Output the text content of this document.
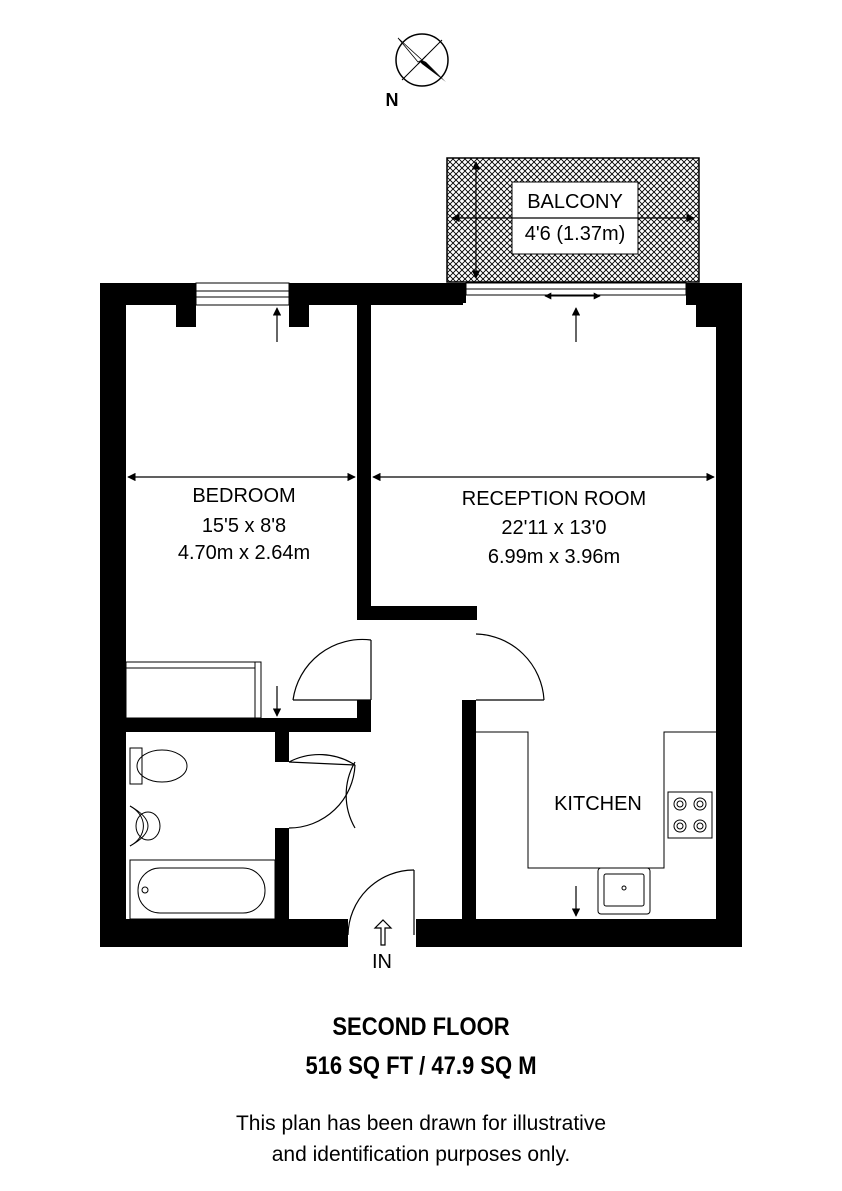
N
BALCONY
4'6 (1.37m)
BEDROOM
15'5 x 8'8
4.70m x 2.64m
RECEPTION ROOM
22'11 x 13'0
6.99m x 3.96m
KITCHEN
IN
SECOND FLOOR
516 SQ FT / 47.9 SQ M
This plan has been drawn for illustrative
and identification purposes only.
